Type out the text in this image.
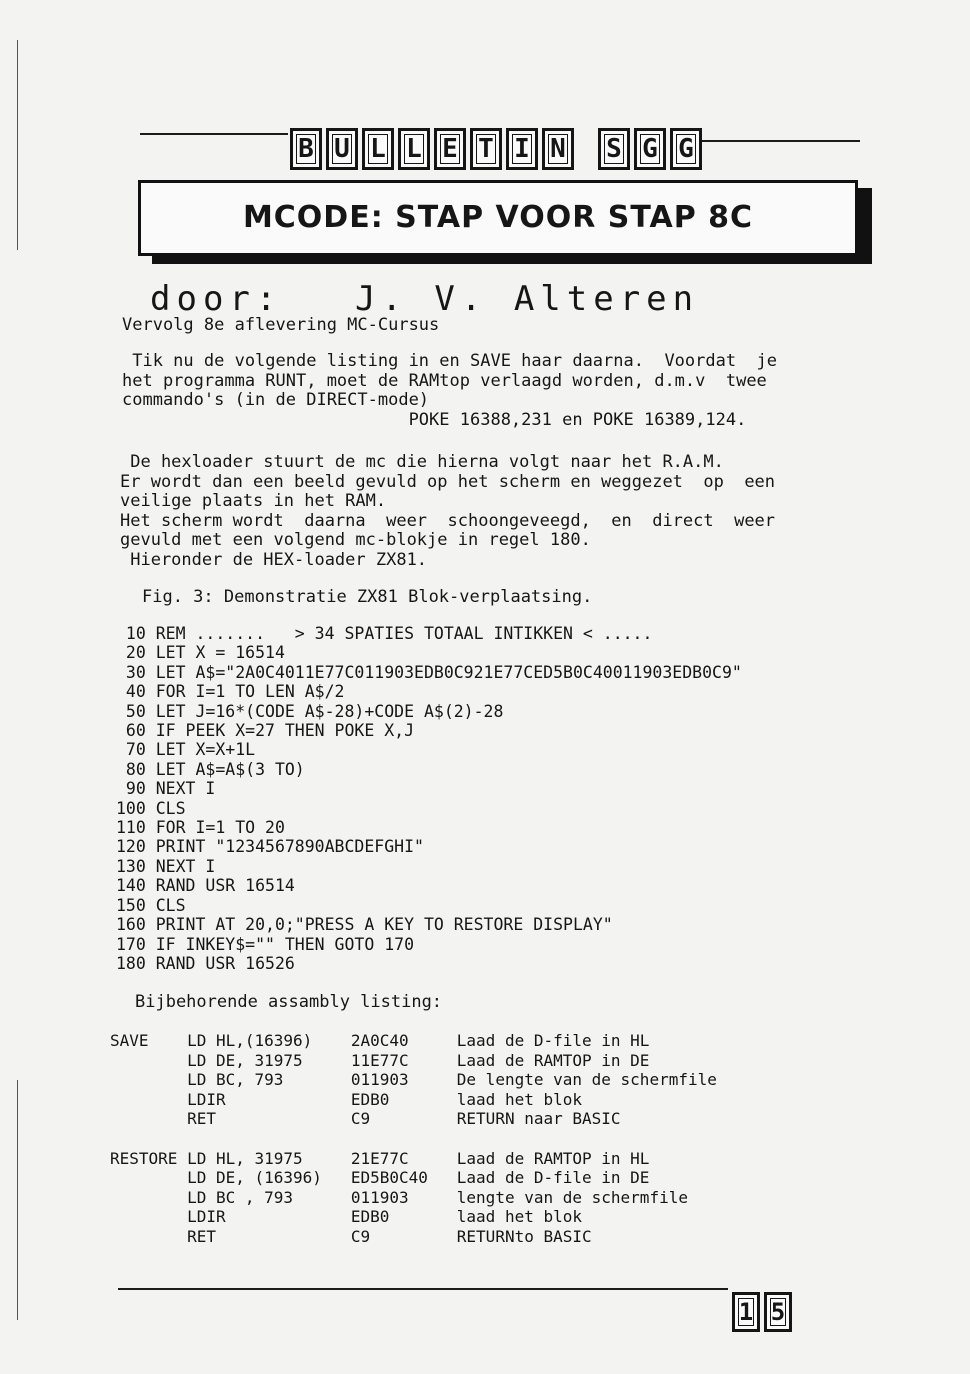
B U L L E T I N	S G G
MCODE: STAP VOOR STAP 8C
door: J. V. Alteren
Vervolg 8e aflevering MC-Cursus
Tik nu de volgende listing in en SAVE haar daarna.  Voordat  je
het programma RUNT, moet de RAMtop verlaagd worden, d.m.v  twee
commando's (in de DIRECT-mode)
POKE 16388,231 en POKE 16389,124.
De hexloader stuurt de mc die hierna volgt naar het R.A.M.
Er wordt dan een beeld gevuld op het scherm en weggezet  op  een
veilige plaats in het RAM.
Het scherm wordt  daarna  weer  schoongeveegd,  en  direct  weer
gevuld met een volgend mc-blokje in regel 180.
Hieronder de HEX-loader ZX81.
Fig. 3: Demonstratie ZX81 Blok-verplaatsing.
10 REM .......   > 34 SPATIES TOTAAL INTIKKEN < .....
20 LET X = 16514
30 LET A$="2A0C4011E77C011903EDB0C921E77CED5B0C40011903EDB0C9"
40 FOR I=1 TO LEN A$/2
50 LET J=16*(CODE A$-28)+CODE A$(2)-28
60 IF PEEK X=27 THEN POKE X,J
70 LET X=X+1L
80 LET A$=A$(3 TO)
90 NEXT I
100 CLS
110 FOR I=1 TO 20
120 PRINT "1234567890ABCDEFGHI"
130 NEXT I
140 RAND USR 16514
150 CLS
160 PRINT AT 20,0;"PRESS A KEY TO RESTORE DISPLAY"
170 IF INKEY$="" THEN GOTO 170
180 RAND USR 16526
Bijbehorende assambly listing:
SAVE    LD HL,(16396)    2A0C40     Laad de D-file in HL
LD DE, 31975     11E77C     Laad de RAMTOP in DE
LD BC, 793       011903     De lengte van de schermfile
LDIR             EDB0       laad het blok
RET              C9         RETURN naar BASIC

RESTORE LD HL, 31975     21E77C     Laad de RAMTOP in HL
LD DE, (16396)   ED5B0C40   Laad de D-file in DE
LD BC , 793      011903     lengte van de schermfile
LDIR             EDB0       laad het blok
RET              C9         RETURNto BASIC
1 5
